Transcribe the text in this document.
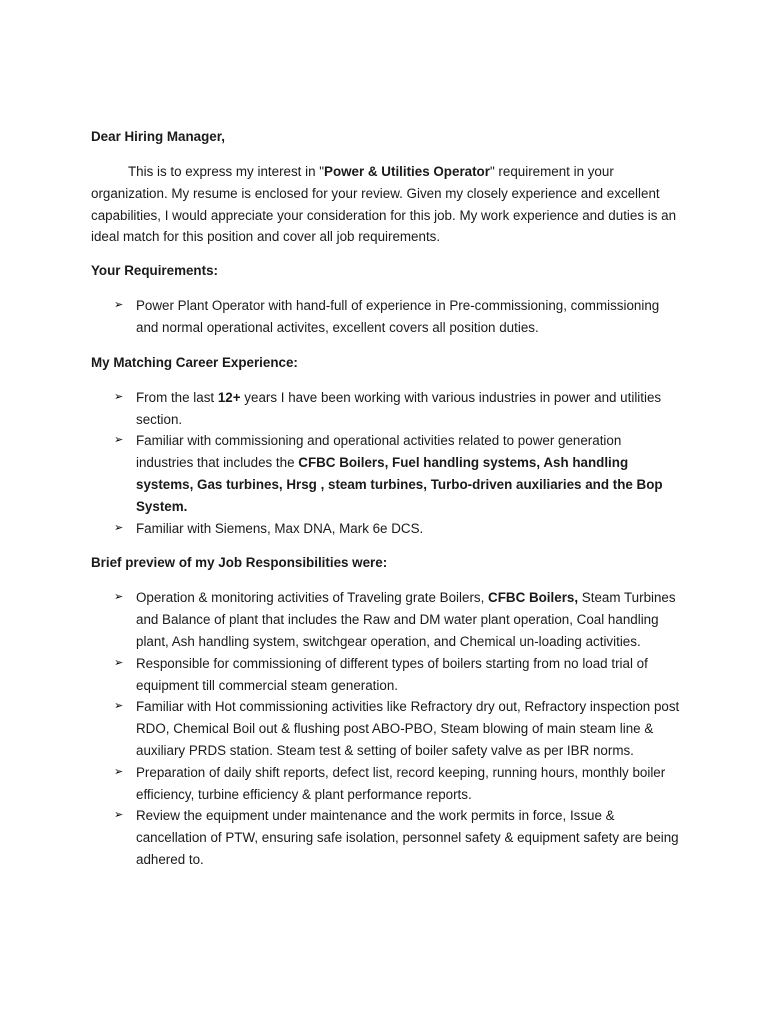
Dear Hiring Manager,

This is to express my interest in "Power & Utilities Operator" requirement in your organization. My resume is enclosed for your review. Given my closely experience and excellent capabilities, I would appreciate your consideration for this job. My work experience and duties is an ideal match for this position and cover all job requirements.

Your Requirements:

➢ Power Plant Operator with hand-full of experience in Pre-commissioning, commissioning and normal operational activites, excellent covers all position duties.

My Matching Career Experience:

➢ From the last 12+ years I have been working with various industries in power and utilities section.
➢ Familiar with commissioning and operational activities related to power generation industries that includes the CFBC Boilers, Fuel handling systems, Ash handling systems, Gas turbines, Hrsg , steam turbines, Turbo-driven auxiliaries and the Bop System.
➢ Familiar with Siemens, Max DNA, Mark 6e DCS.

Brief preview of my Job Responsibilities were:

➢ Operation & monitoring activities of Traveling grate Boilers, CFBC Boilers, Steam Turbines and Balance of plant that includes the Raw and DM water plant operation, Coal handling plant, Ash handling system, switchgear operation, and Chemical un-loading activities.
➢ Responsible for commissioning of different types of boilers starting from no load trial of equipment till commercial steam generation.
➢ Familiar with Hot commissioning activities like Refractory dry out, Refractory inspection post RDO, Chemical Boil out & flushing post ABO-PBO, Steam blowing of main steam line & auxiliary PRDS station. Steam test & setting of boiler safety valve as per IBR norms.
➢ Preparation of daily shift reports, defect list, record keeping, running hours, monthly boiler efficiency, turbine efficiency & plant performance reports.
➢ Review the equipment under maintenance and the work permits in force, Issue & cancellation of PTW, ensuring safe isolation, personnel safety & equipment safety are being adhered to.
